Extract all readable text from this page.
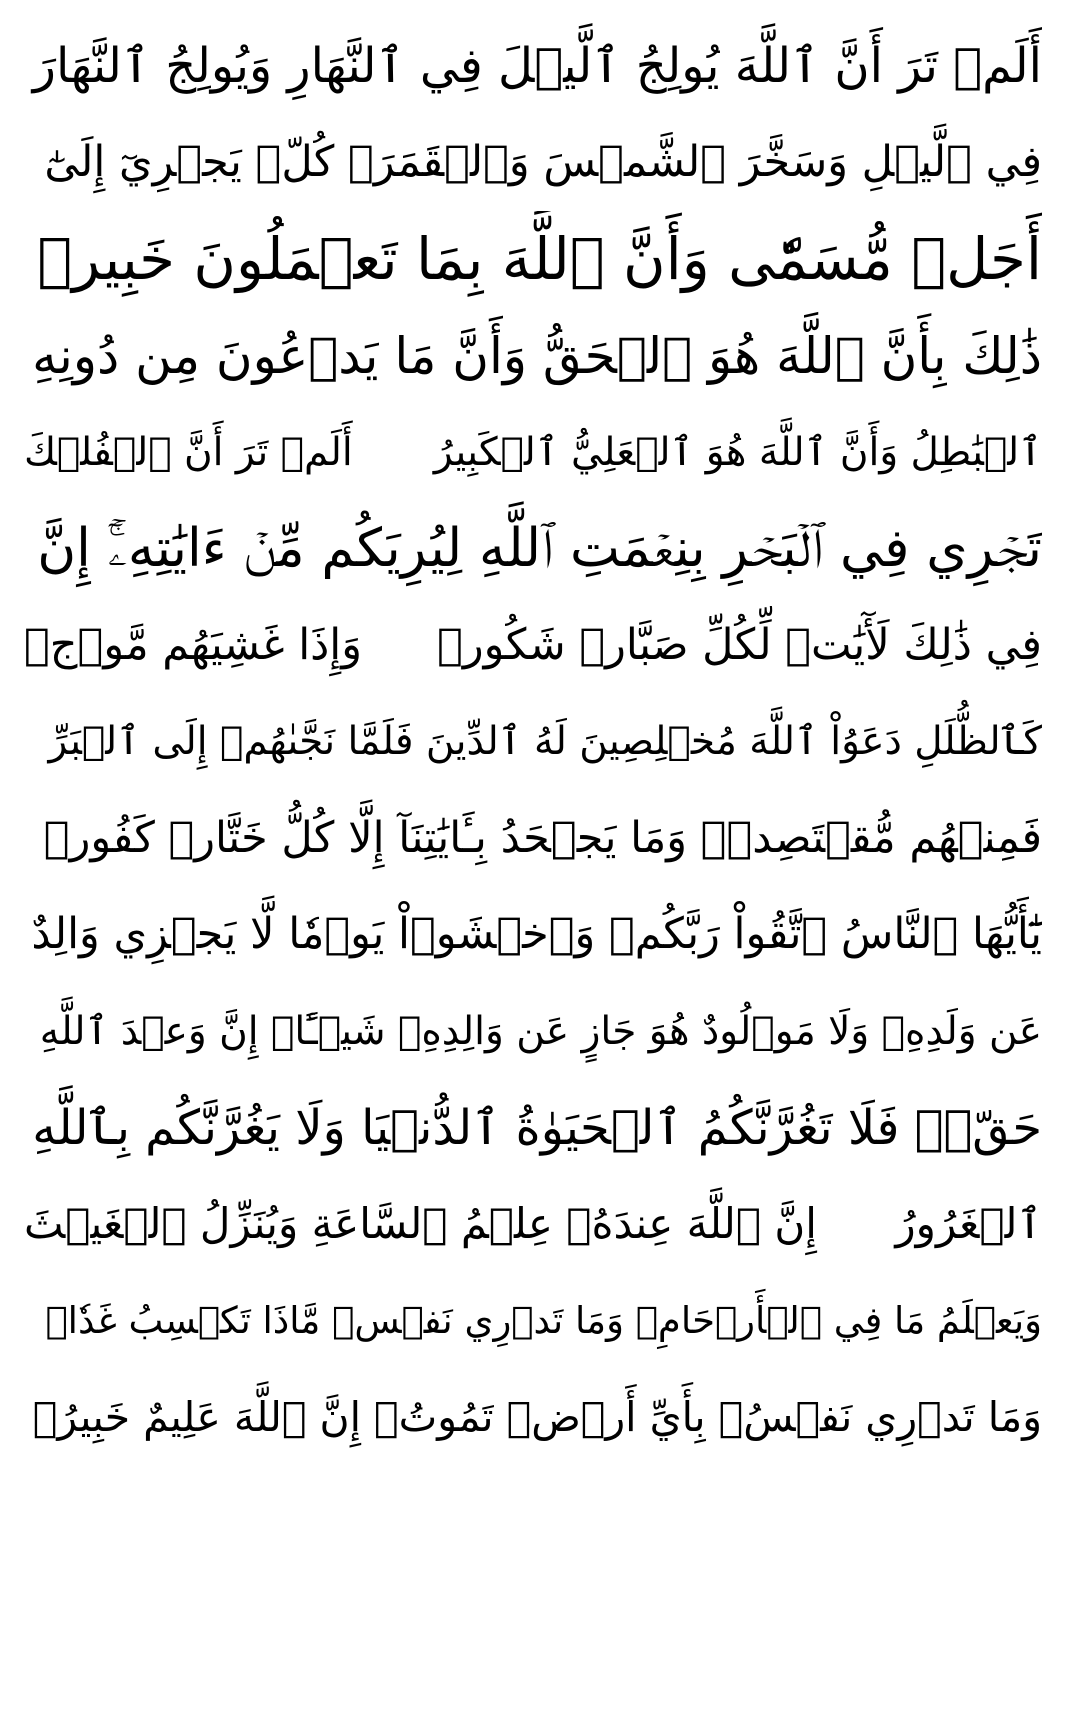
أَلَمۡ تَرَ أَنَّ ٱللَّهَ يُولِجُ ٱلَّيۡلَ فِي ٱلنَّهَارِ وَيُولِجُ ٱلنَّهَارَ
فِي ٱلَّيۡلِ وَسَخَّرَ ٱلشَّمۡسَ وَٱلۡقَمَرَۖ كُلّٞ يَجۡرِيٓ إِلَىٰٓ
أَجَلٖ مُّسَمّٗى وَأَنَّ ٱللَّهَ بِمَا تَعۡمَلُونَ خَبِيرٞ
ذَٰلِكَ بِأَنَّ ٱللَّهَ هُوَ ٱلۡحَقُّ وَأَنَّ مَا يَدۡعُونَ مِن دُونِهِ
ٱلۡبَٰطِلُ وَأَنَّ ٱللَّهَ هُوَ ٱلۡعَلِيُّ ٱلۡكَبِيرُ
أَلَمۡ تَرَ أَنَّ ٱلۡفُلۡكَ
تَجۡرِي فِي ٱلۡبَحۡرِ بِنِعۡمَتِ ٱللَّهِ لِيُرِيَكُم مِّنۡ ءَايَٰتِهِۦٓۚ إِنَّ
فِي ذَٰلِكَ لَأٓيَٰتٖ لِّكُلِّ صَبَّارٖ شَكُورٖ
وَإِذَا غَشِيَهُم مَّوۡجٞ
كَٱلظُّلَلِ دَعَوُاْ ٱللَّهَ مُخۡلِصِينَ لَهُ ٱلدِّينَ فَلَمَّا نَجَّىٰهُمۡ إِلَى ٱلۡبَرِّ
فَمِنۡهُم مُّقۡتَصِدٞۚ وَمَا يَجۡحَدُ بِـَٔايَٰتِنَآ إِلَّا كُلُّ خَتَّارٖ كَفُورٖ
يَٰٓأَيُّهَا ٱلنَّاسُ ٱتَّقُواْ رَبَّكُمۡ وَٱخۡشَوۡاْ يَوۡمٗا لَّا يَجۡزِي وَالِدٌ
عَن وَلَدِهِۦ وَلَا مَوۡلُودٌ هُوَ جَازٍ عَن وَالِدِهِۦ شَيۡـًٔاۚ إِنَّ وَعۡدَ ٱللَّهِ
حَقّٞۖ فَلَا تَغُرَّنَّكُمُ ٱلۡحَيَوٰةُ ٱلدُّنۡيَا وَلَا يَغُرَّنَّكُم بِٱللَّهِ
ٱلۡغَرُورُ
إِنَّ ٱللَّهَ عِندَهُۥ عِلۡمُ ٱلسَّاعَةِ وَيُنَزِّلُ ٱلۡغَيۡثَ
وَيَعۡلَمُ مَا فِي ٱلۡأَرۡحَامِۖ وَمَا تَدۡرِي نَفۡسٞ مَّاذَا تَكۡسِبُ غَدٗاۖ
وَمَا تَدۡرِي نَفۡسُۢ بِأَيِّ أَرۡضٖ تَمُوتُۚ إِنَّ ٱللَّهَ عَلِيمٌ خَبِيرُۢ
